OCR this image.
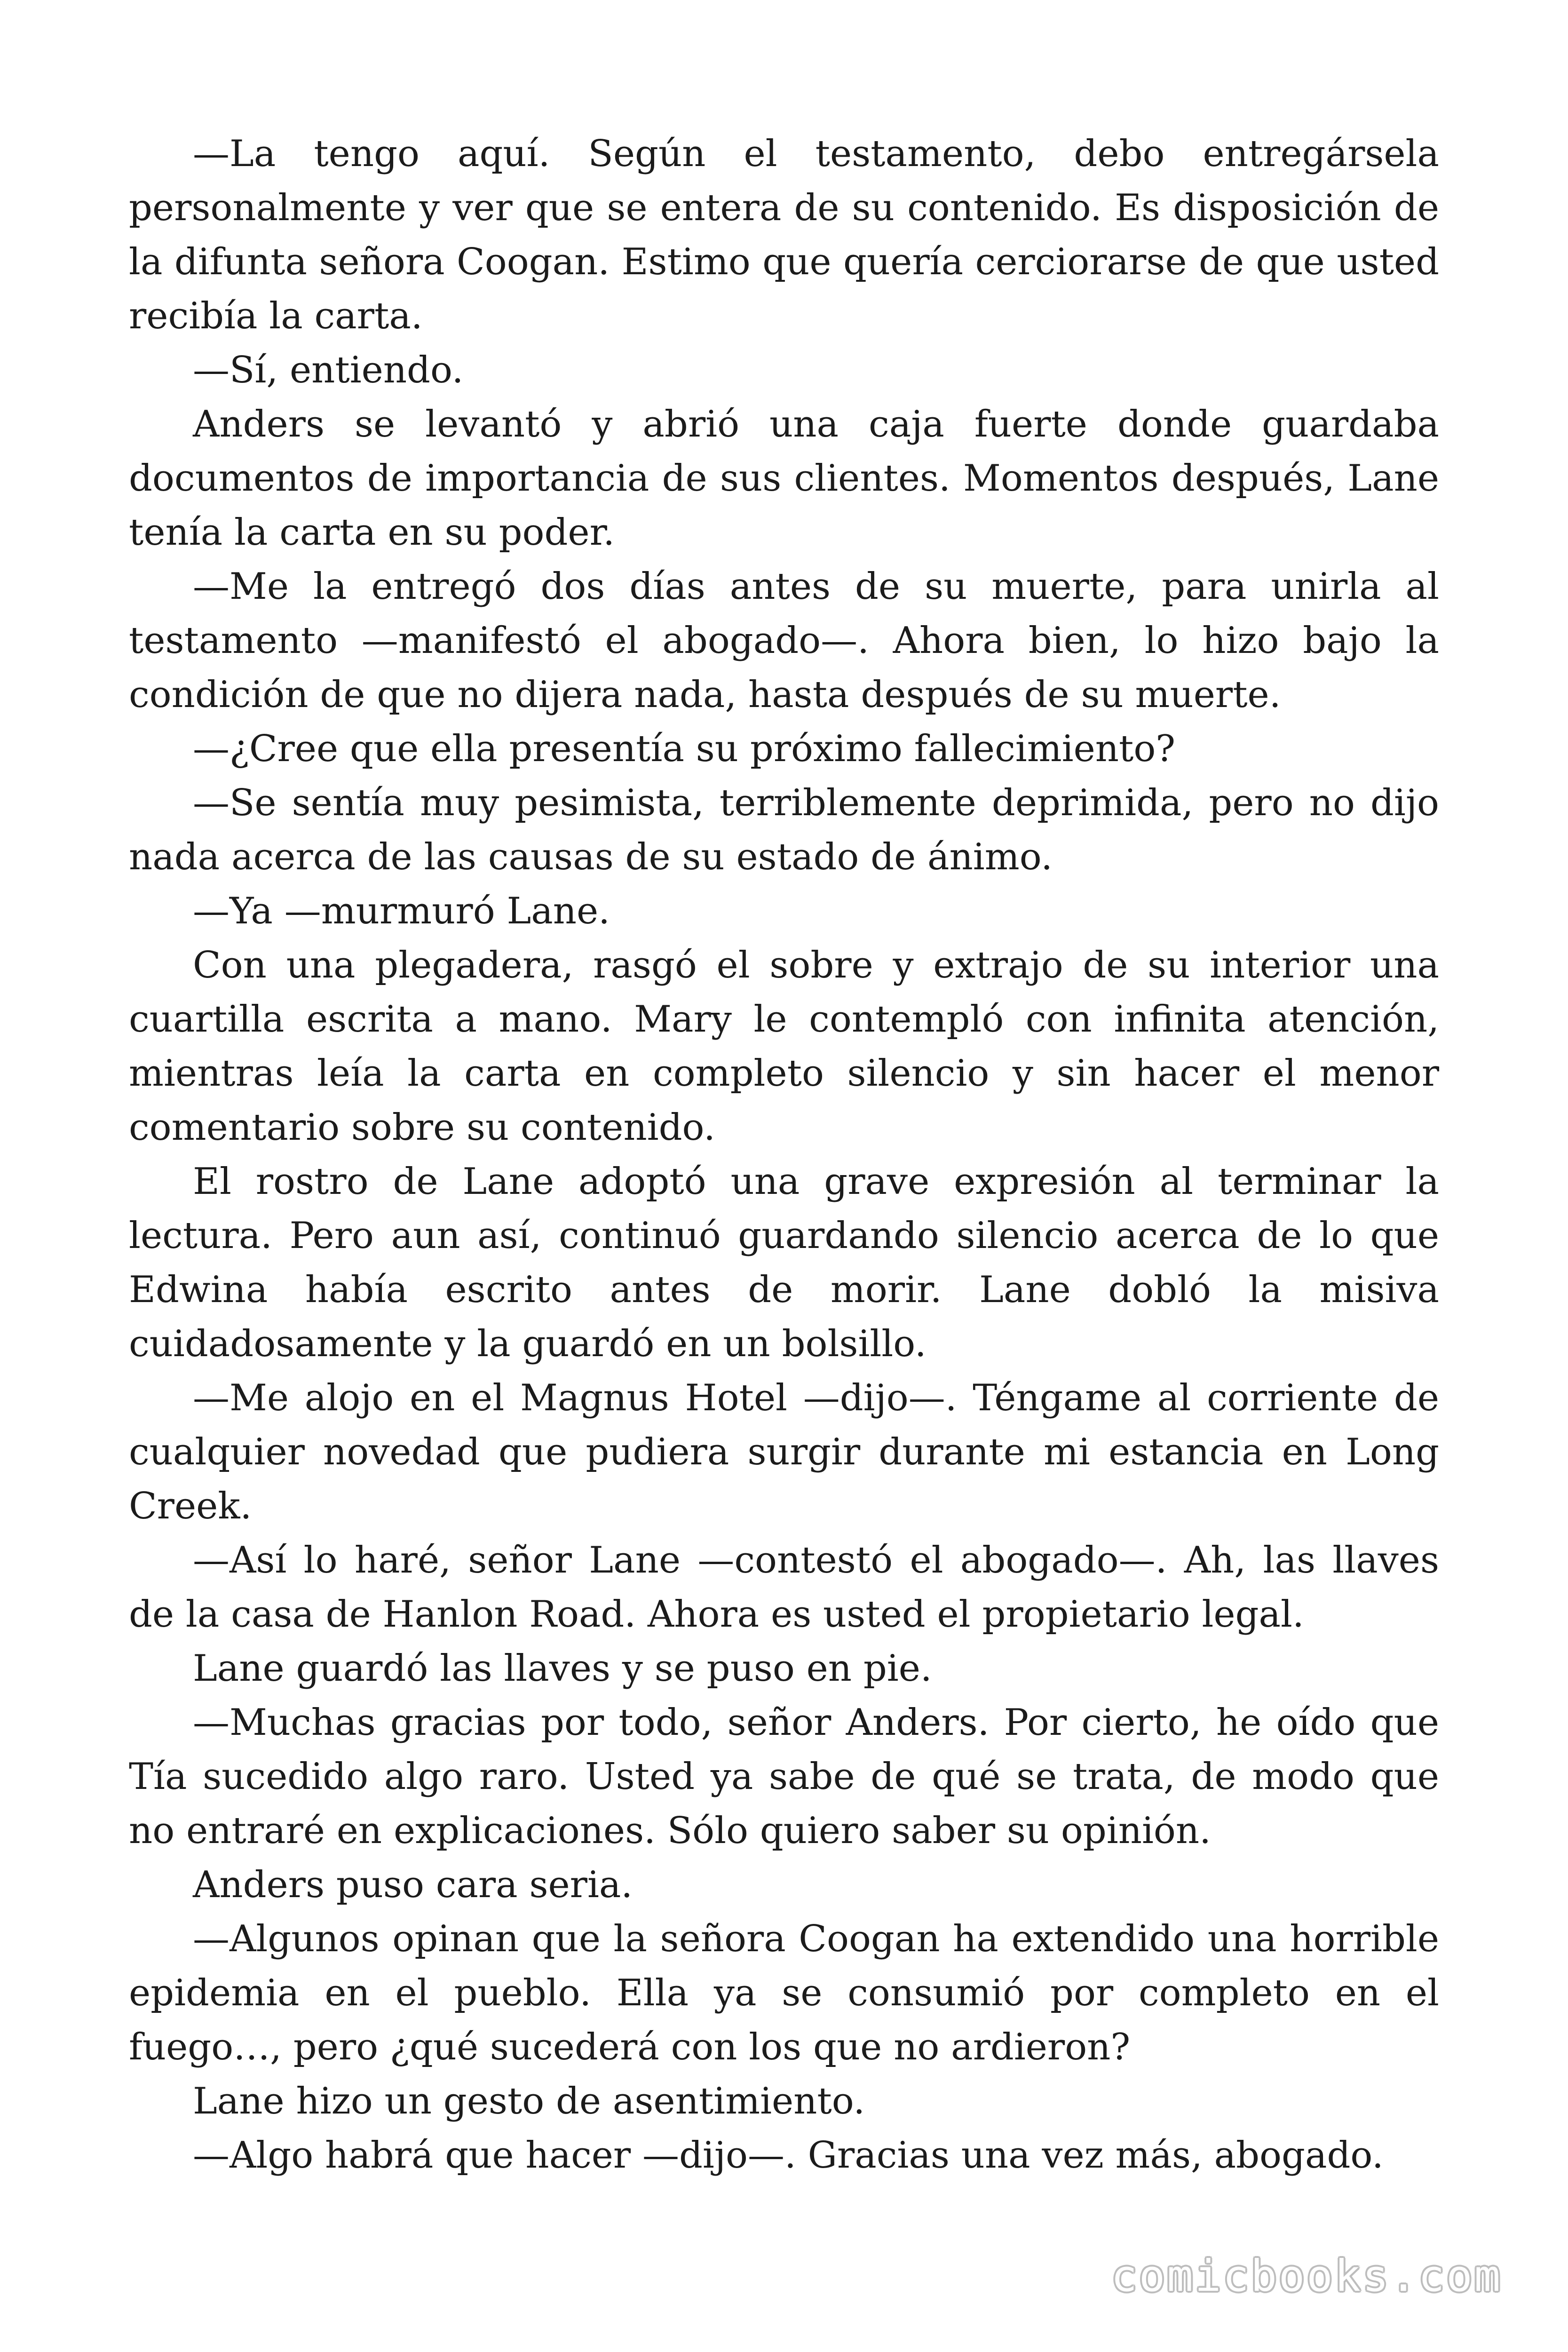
—La tengo aquí. Según el testamento, debo entregársela personalmente y ver que se entera de su contenido. Es disposición de la difunta señora Coogan. Estimo que quería cerciorarse de que usted recibía la carta.

—Sí, entiendo.

Anders se levantó y abrió una caja fuerte donde guardaba documentos de importancia de sus clientes. Momentos después, Lane tenía la carta en su poder.

—Me la entregó dos días antes de su muerte, para unirla al testamento —manifestó el abogado—. Ahora bien, lo hizo bajo la condición de que no dijera nada, hasta después de su muerte.

—¿Cree que ella presentía su próximo fallecimiento?

—Se sentía muy pesimista, terriblemente deprimida, pero no dijo nada acerca de las causas de su estado de ánimo.

—Ya —murmuró Lane.

Con una plegadera, rasgó el sobre y extrajo de su interior una cuartilla escrita a mano. Mary le contempló con infinita atención, mientras leía la carta en completo silencio y sin hacer el menor comentario sobre su contenido.

El rostro de Lane adoptó una grave expresión al terminar la lectura. Pero aun así, continuó guardando silencio acerca de lo que Edwina había escrito antes de morir. Lane dobló la misiva cuidadosamente y la guardó en un bolsillo.

—Me alojo en el Magnus Hotel —dijo—. Téngame al corriente de cualquier novedad que pudiera surgir durante mi estancia en Long Creek.

—Así lo haré, señor Lane —contestó el abogado—. Ah, las llaves de la casa de Hanlon Road. Ahora es usted el propietario legal.

Lane guardó las llaves y se puso en pie.

—Muchas gracias por todo, señor Anders. Por cierto, he oído que Tía sucedido algo raro. Usted ya sabe de qué se trata, de modo que no entraré en explicaciones. Sólo quiero saber su opinión.

Anders puso cara seria.

—Algunos opinan que la señora Coogan ha extendido una horrible epidemia en el pueblo. Ella ya se consumió por completo en el fuego…, pero ¿qué sucederá con los que no ardieron?

Lane hizo un gesto de asentimiento.

—Algo habrá que hacer —dijo—. Gracias una vez más, abogado.

comicbooks.com
